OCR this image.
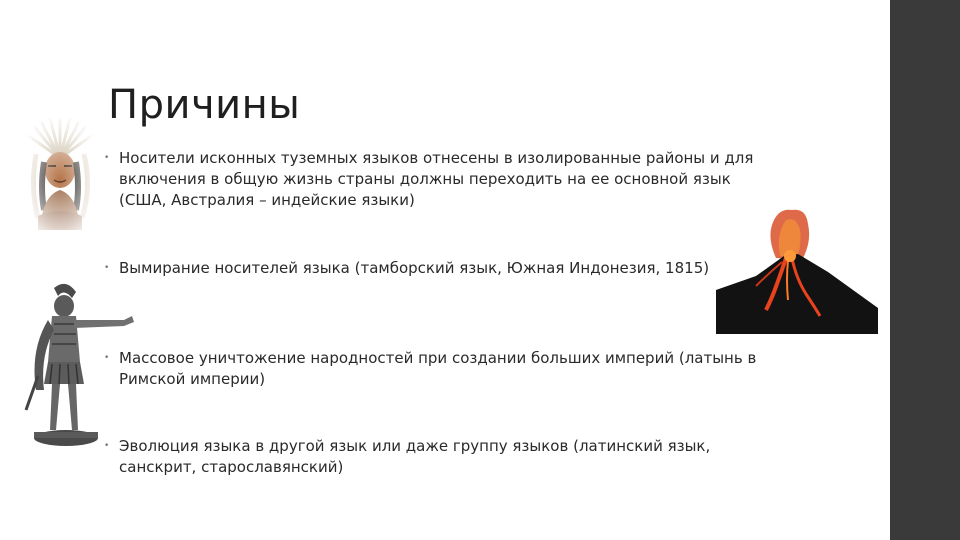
Причины
• Носители исконных туземных языков отнесены в изолированные районы и для включения в общую жизнь страны должны переходить на ее основной язык (США, Австралия – индейские языки)
• Вымирание носителей языка (тамборский язык, Южная Индонезия, 1815)
• Массовое уничтожение народностей при создании больших империй (латынь в Римской империи)
• Эволюция языка в другой язык или даже группу языков (латинский язык, санскрит, старославянский)
